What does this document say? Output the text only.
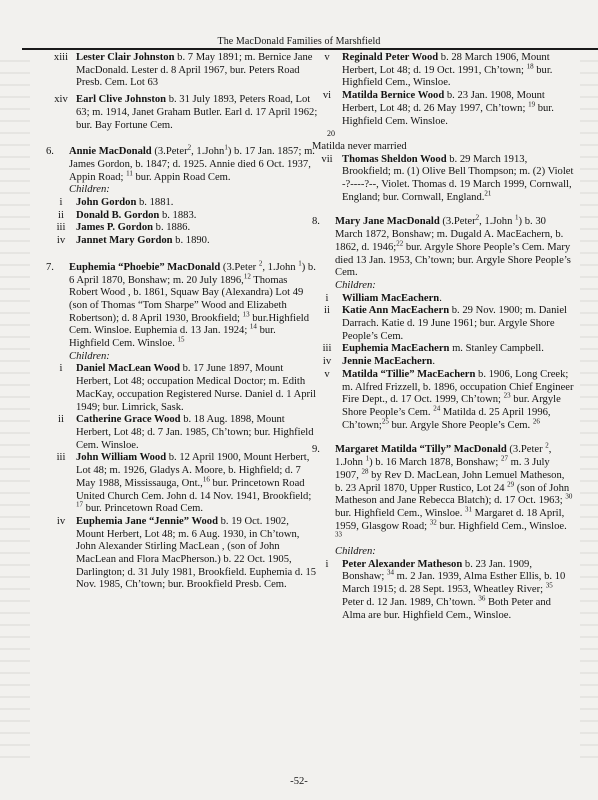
The MacDonald Families of Marshfield
xiii Lester Clair Johnston b. 7 May 1891; m. Bernice Jane MacDonald. Lester d. 8 April 1967, bur. Peters Road Presb. Cem. Lot 63
xiv Earl Clive Johnston b. 31 July 1893, Peters Road, Lot 63; m. 1914, Janet Graham Butler. Earl d. 17 April 1962; bur. Bay Fortune Cem.
6.	Annie MacDonald (3.Peter$^2$, 1.John$^1$) b. 17 Jan. 1857; m. James Gordon, b. 1847; d. 1925. Annie died 6 Oct. 1937, Appin Road; $^{11}$ bur. Appin Road Cem.
Children:
i	John Gordon b. 1881.
ii	Donald B. Gordon b. 1883.
iii James P. Gordon b. 1886.
iv	Jannet Mary Gordon b. 1890.
7.	Euphemia “Phoebie” MacDonald (3.Peter $^2$, 1.John $^1$) b. 6 April 1870, Bonshaw; m. 20 July 1896,12 Thomas Robert Wood , b. 1861, Squaw Bay (Alexandra) Lot 49 (son of Thomas “Tom Sharpe” Wood and Elizabeth Robertson); d. 8 April 1930, Brookfield; $^{13}$ bur.Highfield Cem. Winsloe. Euphemia d. 13 Jan. 1924; $^{14}$ bur. Highfield Cem. Winsloe. $^{15}$
Children:
i	Daniel MacLean Wood b. 17 June 1897, Mount Herbert, Lot 48; occupation Medical Doctor; m. Edith MacKay, occupation Registered Nurse. Daniel d. 1 April 1949; bur. Limrick, Sask.
ii	Catherine Grace Wood b. 18 Aug. 1898, Mount Herbert, Lot 48; d. 7 Jan. 1985, Ch’town; bur. Highfield Cem. Winsloe.
iii John William Wood b. 12 April 1900, Mount Herbert, Lot 48; m. 1926, Gladys A. Moore, b. Highfield; d. 7 May 1988, Mississauga, Ont.,$^{16}$ bur. Princetown Road United Church Cem. John d. 14 Nov. 1941, Brookfield; $^{17}$ bur. Princetown Road Cem.
iv	Euphemia Jane “Jennie” Wood b. 19 Oct. 1902, Mount Herbert, Lot 48; m. 6 Aug. 1930, in Ch’town, John Alexander Stirling MacLean , (son of John MacLean and Flora MacPherson.) b. 22 Oct. 1905, Darlington; d. 31 July 1981, Brookfield. Euphemia d. 15 Nov. 1985, Ch’town; bur. Brookfield Presb. Cem.
v	Reginald Peter Wood b. 28 March 1906, Mount Herbert, Lot 48; d. 19 Oct. 1991, Ch’town; $^{18}$ bur. Highfield Cem., Winsloe.
vi	Matilda Bernice Wood b. 23 Jan. 1908, Mount Herbert, Lot 48; d. 26 May 1997, Ch’town; $^{19}$ bur. Highfield Cem. Winsloe.
20
Matilda never married
vii Thomas Sheldon Wood b. 29 March 1913, Brookfield; m. (1) Olive Bell Thompson; m. (2) Violet -?----?--, Violet. Thomas d. 19 March 1999, Cornwall, England; bur. Cornwall, England.$^{21}$
8.	Mary Jane MacDonald (3.Peter$^2$, 1.John $^1$) b. 30 March 1872, Bonshaw; m. Dugald A. MacEachern, b. 1862, d. 1946;$^{22}$ bur. Argyle Shore People’s Cem. Mary died 13 Jan. 1953, Ch’town; bur. Argyle Shore People’s Cem.
Children:
i	William MacEachern.
ii	Katie Ann MacEachern b. 29 Nov. 1900; m. Daniel Darrach. Katie d. 19 June 1961; bur. Argyle Shore People’s Cem.
iii Euphemia MacEachern m. Stanley Campbell.
iv	Jennie MacEachern.
v	Matilda “Tillie” MacEachern b. 1906, Long Creek; m. Alfred Frizzell, b. 1896, occupation Chief Engineer Fire Dept., d. 17 Oct. 1999, Ch’town; $^{23}$ bur. Argyle Shore People’s Cem. $^{24}$ Matilda d. 25 April 1996, Ch’town;$^{25}$ bur. Argyle Shore People’s Cem. $^{26}$
9.	Margaret Matilda “Tilly” MacDonald (3.Peter $^2$, 1.John $^1$) b. 16 March 1878, Bonshaw; $^{27}$ m. 3 July 1907, $^{28}$ by Rev D. MacLean, John Lemuel Matheson, b. 23 April 1870, Upper Rustico, Lot 24 $^{29}$ (son of John Matheson and Jane Rebecca Blatch); d. 17 Oct. 1963; $^{30}$ bur. Highfield Cem., Winsloe. $^{31}$ Margaret d. 18 April, 1959, Glasgow Road; $^{32}$ bur. Highfield Cem., Winsloe. $^{33}$
Children:
i	Peter Alexander Matheson b. 23 Jan. 1909, Bonshaw; $^{34}$ m. 2 Jan. 1939, Alma Esther Ellis, b. 10 March 1915; d. 28 Sept. 1953, Wheatley River; $^{35}$ Peter d. 12 Jan. 1989, Ch’town. $^{36}$ Both Peter and Alma are bur. Highfield Cem., Winsloe.
-52-
